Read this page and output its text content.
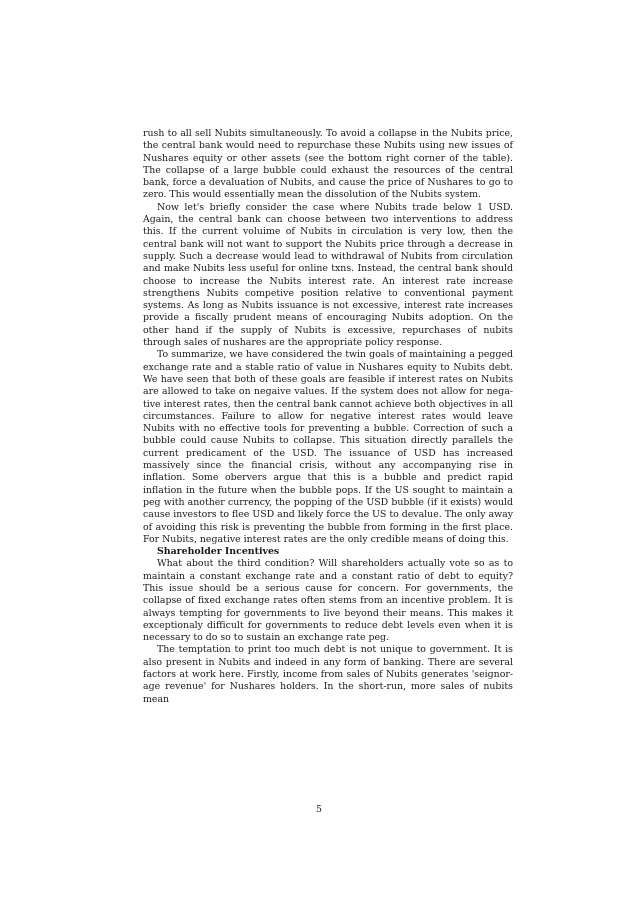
rush to all sell Nubits simultaneously. To avoid a collapse in the Nubits price, the central bank would need to repurchase these Nubits using new issues of Nushares equity or other assets (see the bottom right corner of the table). The collapse of a large bubble could exhaust the resources of the central bank, force a devaluation of Nubits, and cause the price of Nushares to go to zero. This would essentially mean the dissolution of the Nubits system.

Now let's briefly consider the case where Nubits trade below 1 USD. Again, the central bank can choose between two interventions to address this. If the current voluime of Nubits in circulation is very low, then the central bank will not want to support the Nubits price through a decrease in supply. Such a decrease would lead to withdrawal of Nubits from circulation and make Nubits less useful for online txns. Instead, the central bank should choose to increase the Nubits interest rate. An interest rate increase strengthens Nubits competive position relative to conventional payment systems. As long as Nubits issuance is not excessive, interest rate increases provide a fiscally prudent means of encouraging Nubits adoption. On the other hand if the supply of Nubits is excessive, repurchases of nubits through sales of nushares are the appropriate policy response.

To summarize, we have considered the twin goals of maintaining a pegged exchange rate and a stable ratio of value in Nushares equity to Nubits debt. We have seen that both of these goals are feasible if interest rates on Nubits are allowed to take on negaive values. If the system does not allow for negative interest rates, then the central bank cannot achieve both objectives in all circumstances. Failure to allow for negative interest rates would leave Nubits with no effective tools for preventing a bubble. Correction of such a bubble could cause Nubits to collapse. This situation directly parallels the current predicament of the USD. The issuance of USD has increased massively since the financial crisis, without any accompanying rise in inflation. Some obervers argue that this is a bubble and predict rapid inflation in the future when the bubble pops. If the US sought to maintain a peg with another currency, the popping of the USD bubble (if it exists) would cause investors to flee USD and likely force the US to devalue. The only away of avoiding this risk is preventing the bubble from forming in the first place. For Nubits, negative interest rates are the only credible means of doing this.

Shareholder Incentives

What about the third condition? Will shareholders actually vote so as to maintain a constant exchange rate and a constant ratio of debt to equity? This issue should be a serious cause for concern. For governments, the collapse of fixed exchange rates often stems from an incentive problem. It is always tempting for governments to live beyond their means. This makes it exceptionaly difficult for governments to reduce debt levels even when it is necessary to do so to sustain an exchange rate peg.

The temptation to print too much debt is not unique to government. It is also present in Nubits and indeed in any form of banking. There are several factors at work here. Firstly, income from sales of Nubits generates 'seignorage revenue' for Nushares holders. In the short-run, more sales of nubits mean

5
